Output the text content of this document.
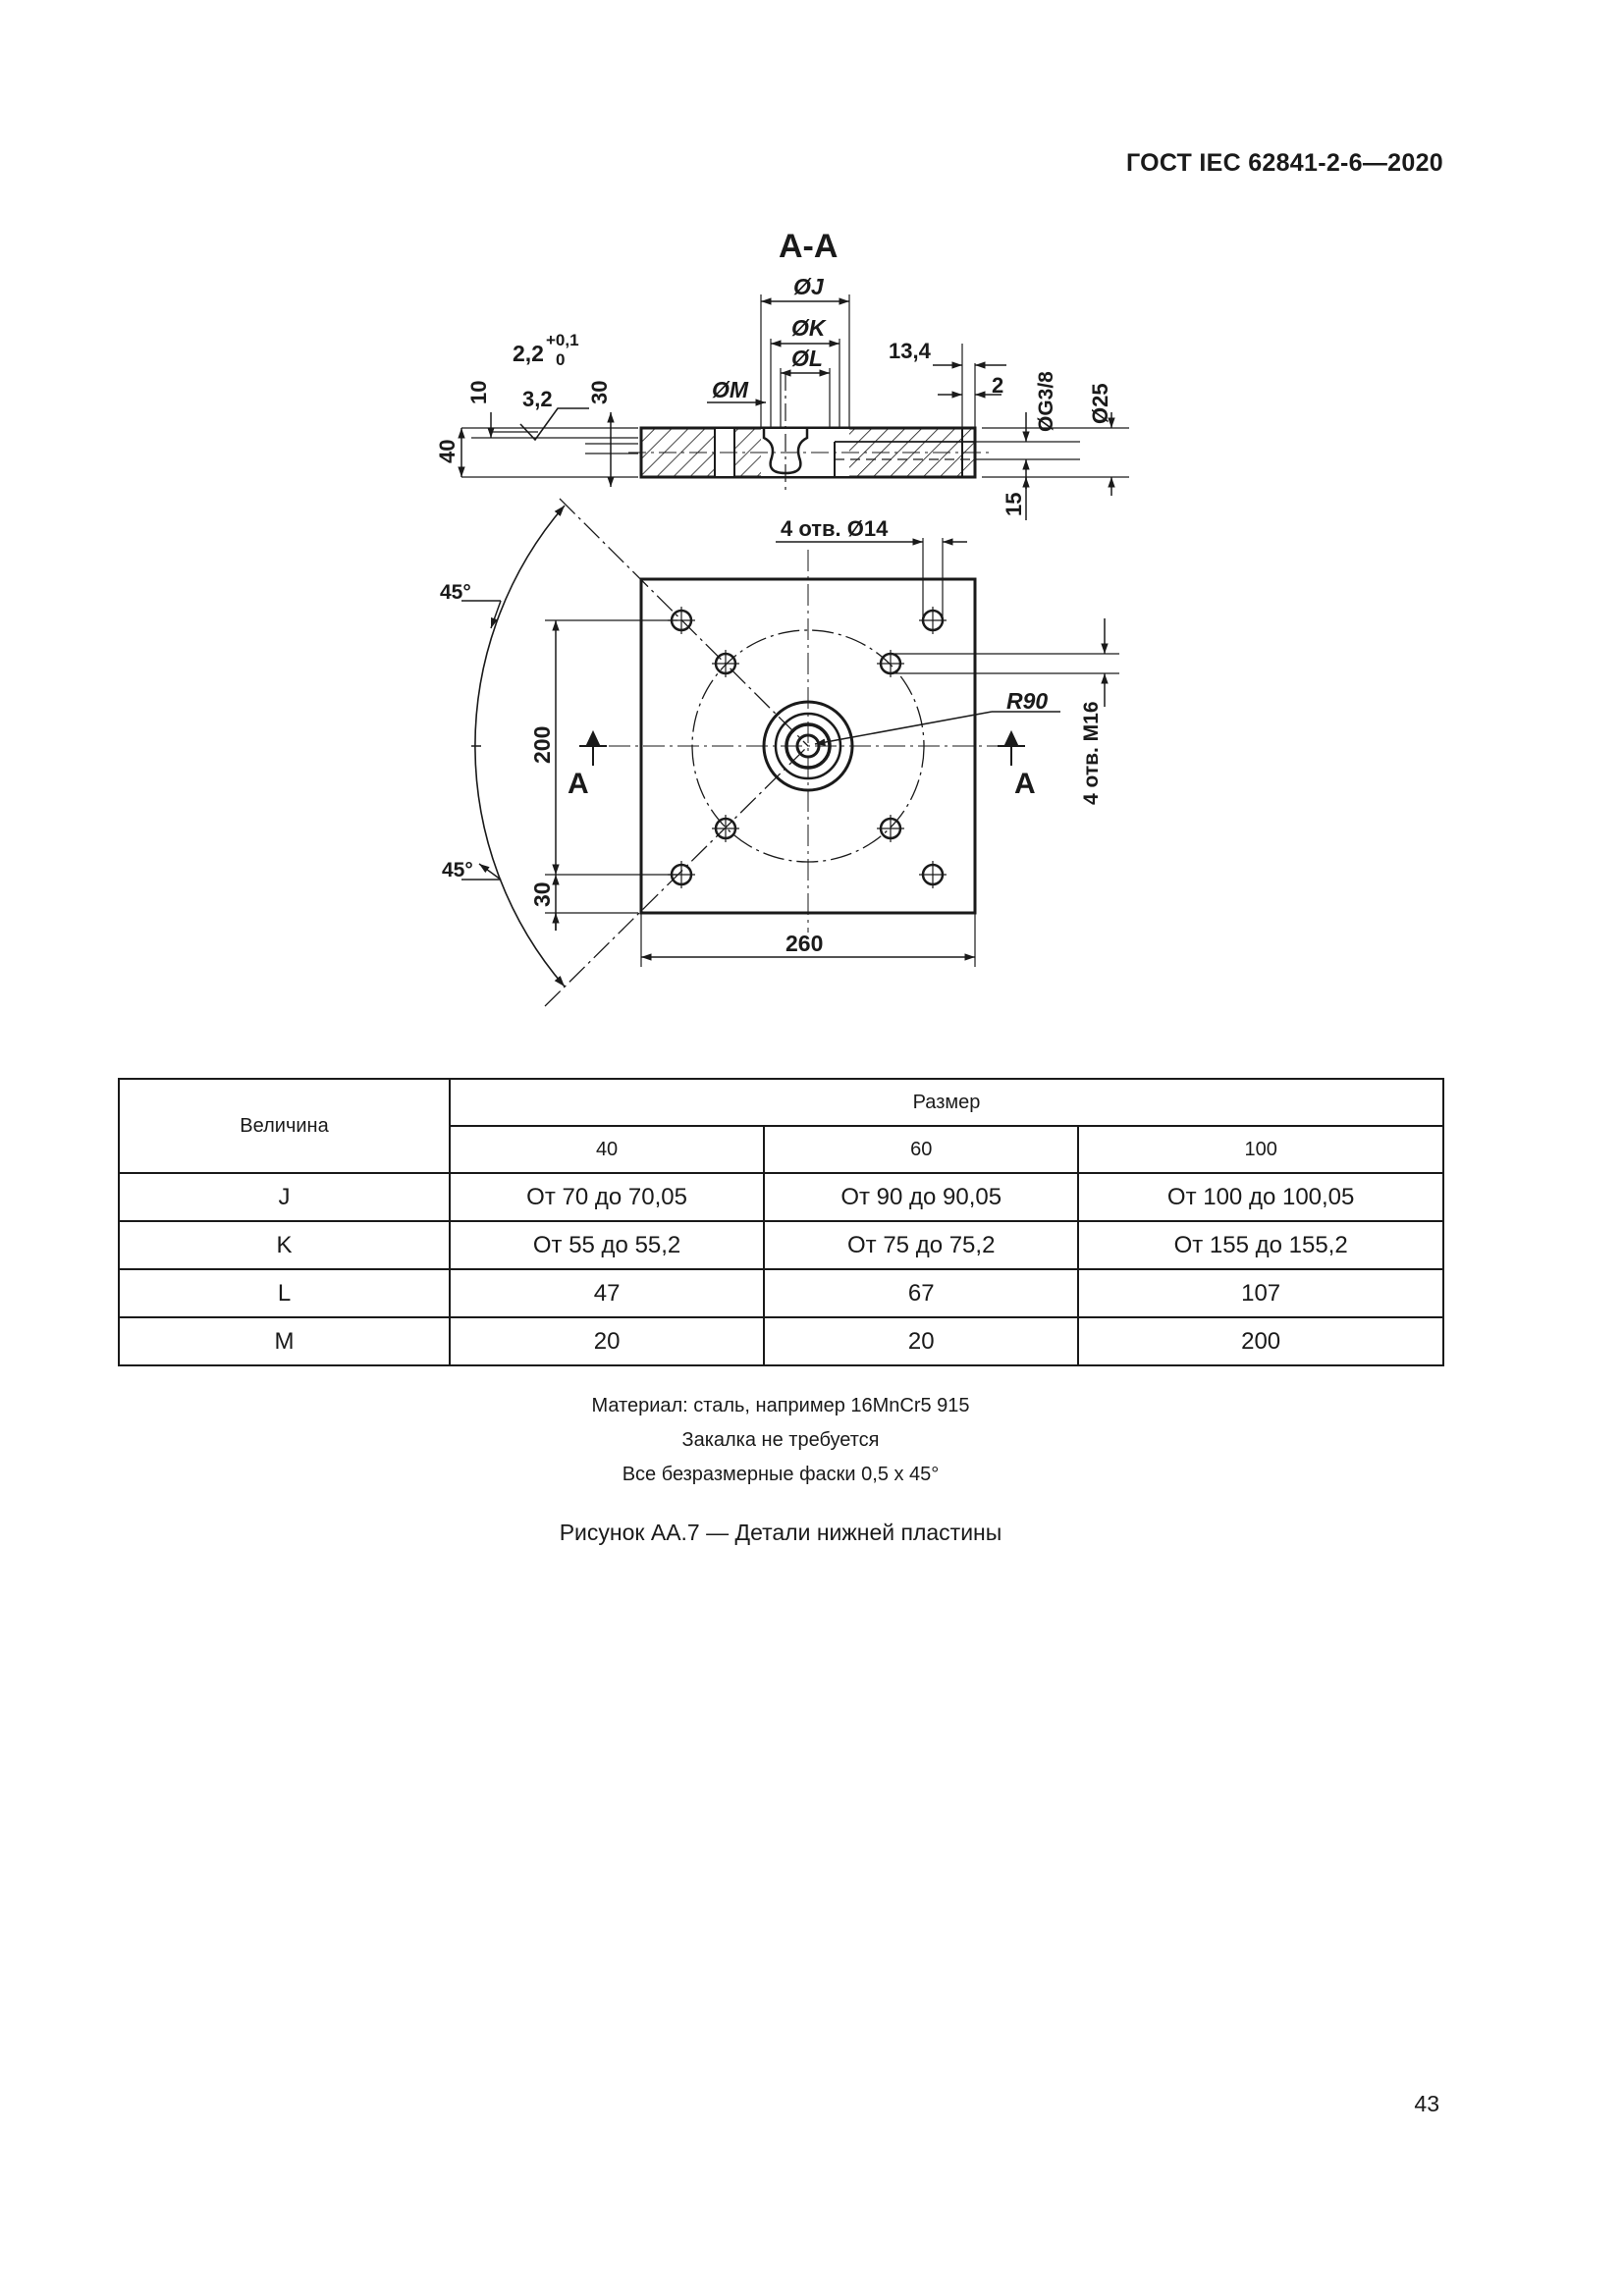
ГОСТ IEC 62841-2-6—2020
A-A
ØJ
ØK
ØL
ØM
2,2
+0,1
0
3,2
10	30
40
13,4
2 ØG3/8 Ø25
15
4 отв. Ø14
R90
4 отв. M16
45°
45°
200
30
260
A	A
Величина	Размер		
	40	60	100
J	От 70 до 70,05	От 90 до 90,05	От 100 до 100,05
K	От 55 до 55,2	От 75 до 75,2	От 155 до 155,2
L	47	67	107
M	20	20	200
Материал: сталь, например 16MnCr5 915
Закалка не требуется
Все безразмерные фаски 0,5 x 45°
Рисунок АА.7 — Детали нижней пластины
43
